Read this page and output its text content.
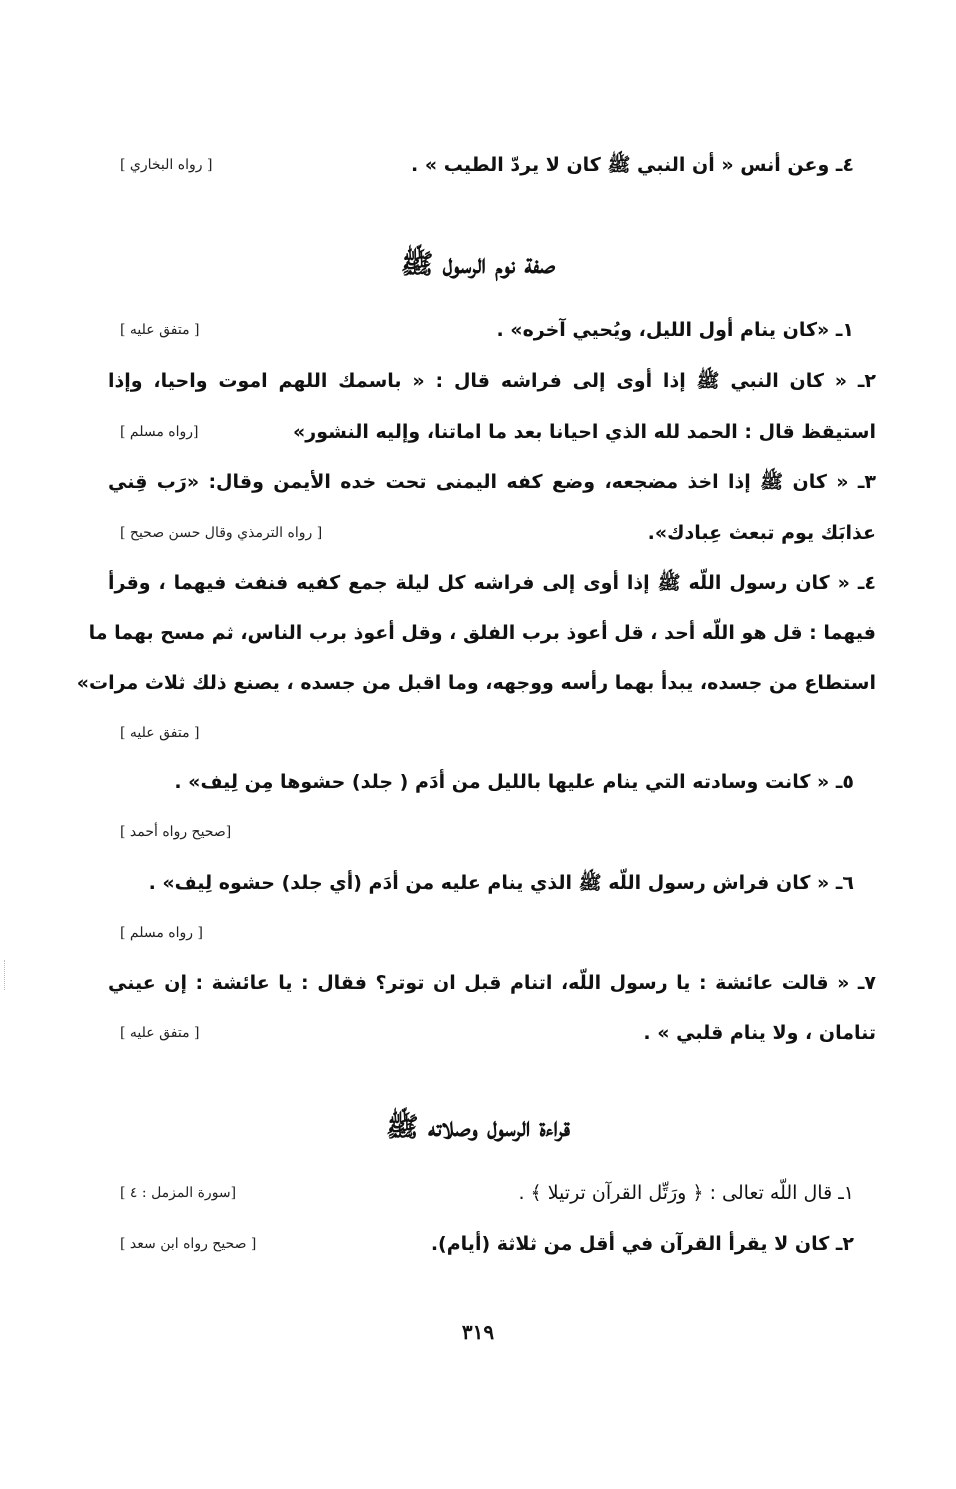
٤ـ وعن أنس « أن النبي ﷺ كان لا يردّ الطيب » .
[ رواه البخاري ]
صفة نوم الرسول ﷺ
١ـ «كان ينام أول الليل، ويُحيي آخره» .
[ متفق عليه ]
٢ـ « كان النبي ﷺ إذا أوى إلى فراشه قال : « باسمك اللهم اموت واحيا، وإذا
استيقظ قال : الحمد لله الذي احيانا بعد ما اماتنا، وإليه النشور»
[رواه مسلم ]
٣ـ « كان ﷺ إذا اخذ مضجعه، وضع كفه اليمنى تحت خده الأيمن وقال: «رَب قِني
عذابَك يوم تبعث عِبادك».
[ رواه الترمذي وقال حسن صحيح ]
٤ـ « كان رسول اللّه ﷺ إذا أوى إلى فراشه كل ليلة جمع كفيه فنفث فيهما ، وقرأ
فيهما : قل هو اللّه أحد ، قل أعوذ برب الفلق ، وقل أعوذ برب الناس، ثم مسح بهما ما
استطاع من جسده، يبدأ بهما رأسه ووجهه، وما اقبل من جسده ، يصنع ذلك ثلاث مرات»
[ متفق عليه ]
٥ـ « كانت وسادته التي ينام عليها بالليل من أدَم ( جلد) حشوها مِن لِيف» .
[صحيح رواه أحمد ]
٦ـ « كان فراش رسول اللّه ﷺ الذي ينام عليه من أدَم (أي جلد) حشوه لِيف» .
[ رواه مسلم ]
٧ـ « قالت عائشة : يا رسول اللّه، اتنام قبل ان توتر؟ فقال : يا عائشة : إن عيني
تنامان ، ولا ينام قلبي » .
[ متفق عليه ]
قراءة الرسول وصلاته ﷺ
١ـ قال اللّه تعالى : ﴿ ورَتِّل القرآن ترتيلا ﴾ .
[سورة المزمل : ٤ ]
٢ـ كان لا يقرأ القرآن في أقل من ثلاثة (أيام).
[ صحيح رواه ابن سعد ]
٣١٩
